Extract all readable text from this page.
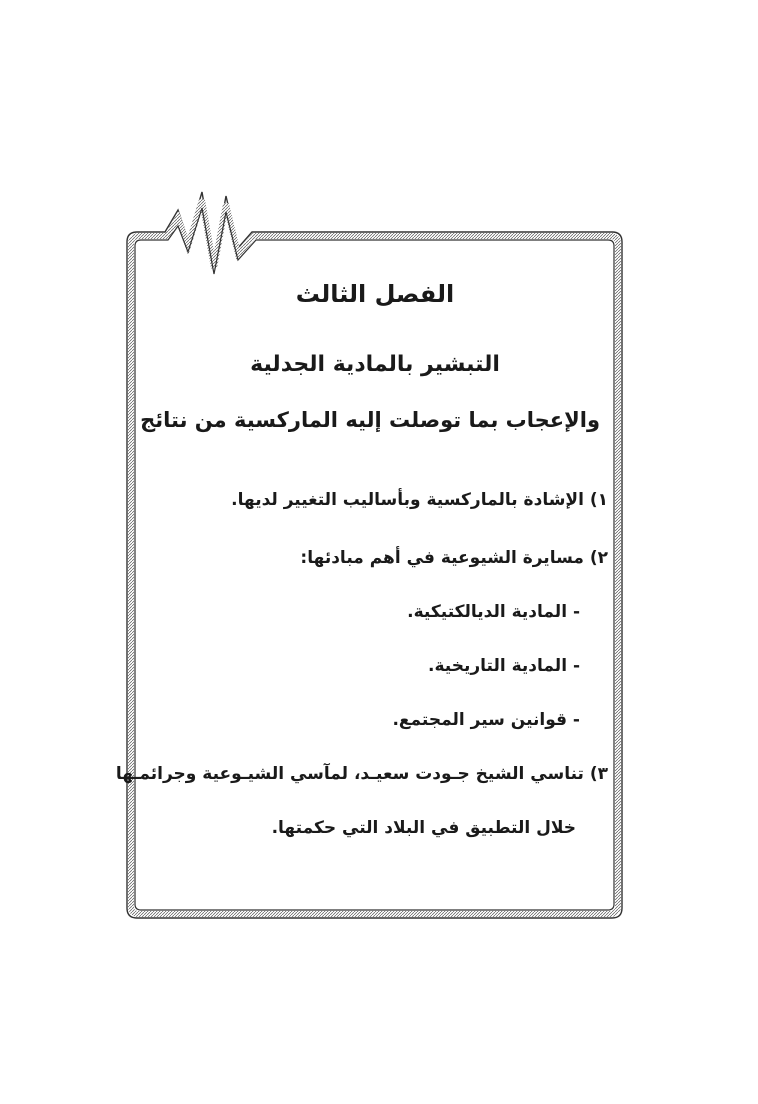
الفصل الثالث
التبشير بالمادية الجدلية
والإعجاب بما توصلت إليه الماركسية من نتائج
١) الإشادة بالماركسية وبأساليب التغيير لديها.
٢) مسايرة الشيوعية في أهم مبادئها:
- المادية الديالكتيكية.
- المادية التاريخية.
- قوانين سير المجتمع.
٣) تناسي الشيخ جـودت سعيـد، لمآسي الشيـوعية وجرائمـها
خلال التطبيق في البلاد التي حكمتها.
